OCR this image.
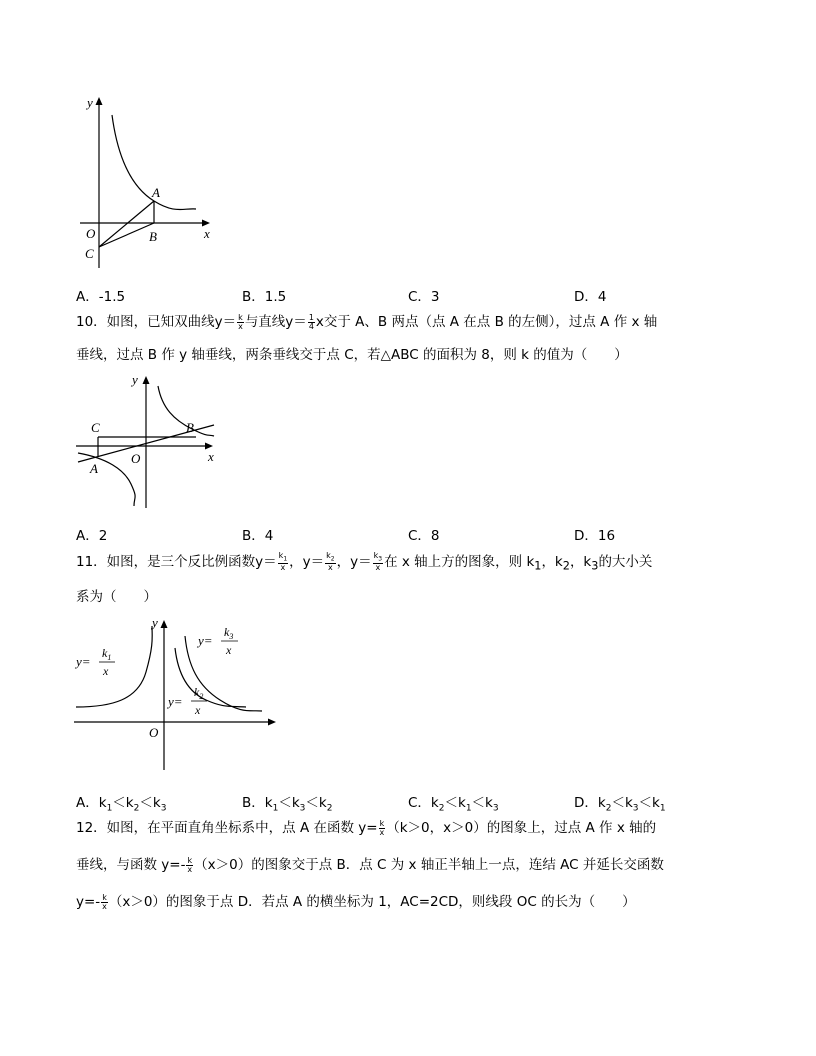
y
x
O
A
B
C
A．-1.5	B．1.5	C．3	D．4
10．如图，已知双曲线$y= \frac{k}{x}$ 与直线$y= \frac{1}{4}$ x交于 A、B 两点（点 A 在点 B 的左侧），过点 A 作 x 轴
垂线，过点 B 作 y 轴垂线，两条垂线交于点 C，若△ABC 的面积为 8，则 k 的值为（　　）
y
x
O
A
B
C
A．2	B．4	C．8	D．16
11．如图，是三个反比例函数$y= \frac{k_1}{x}$ ，$y= \frac{k_2}{x}$ ，$y= \frac{k_3}{x}$ 在 x 轴上方的图象，则 $k_1$，$k_2$，$k_3$的大小关
系为（　　）
y=
$k_3$
x
y=
$k_1$
x
y=
$k_2$
x
y
O
A．$k_1<k_2<k_3$	B．$k_1<k_3<k_2$	C．$k_2<k_1<k_3$	D．$k_2<k_3<k_1$
12．如图，在平面直角坐标系中，点 A 在函数 $y= \frac{k}{x} (k>0$，x＞0）的图象上，过点 A 作 x 轴的
垂线，与函数 $y=- \frac{k}{x} (x>0)$的图象交于点 B．点 C 为 x 轴正半轴上一点，连结 AC 并延长交函数
$y=- \frac{k}{x} (x>0)$的图象于点 D．若点 A 的横坐标为 1，AC=2CD，则线段 OC 的长为（　　）
